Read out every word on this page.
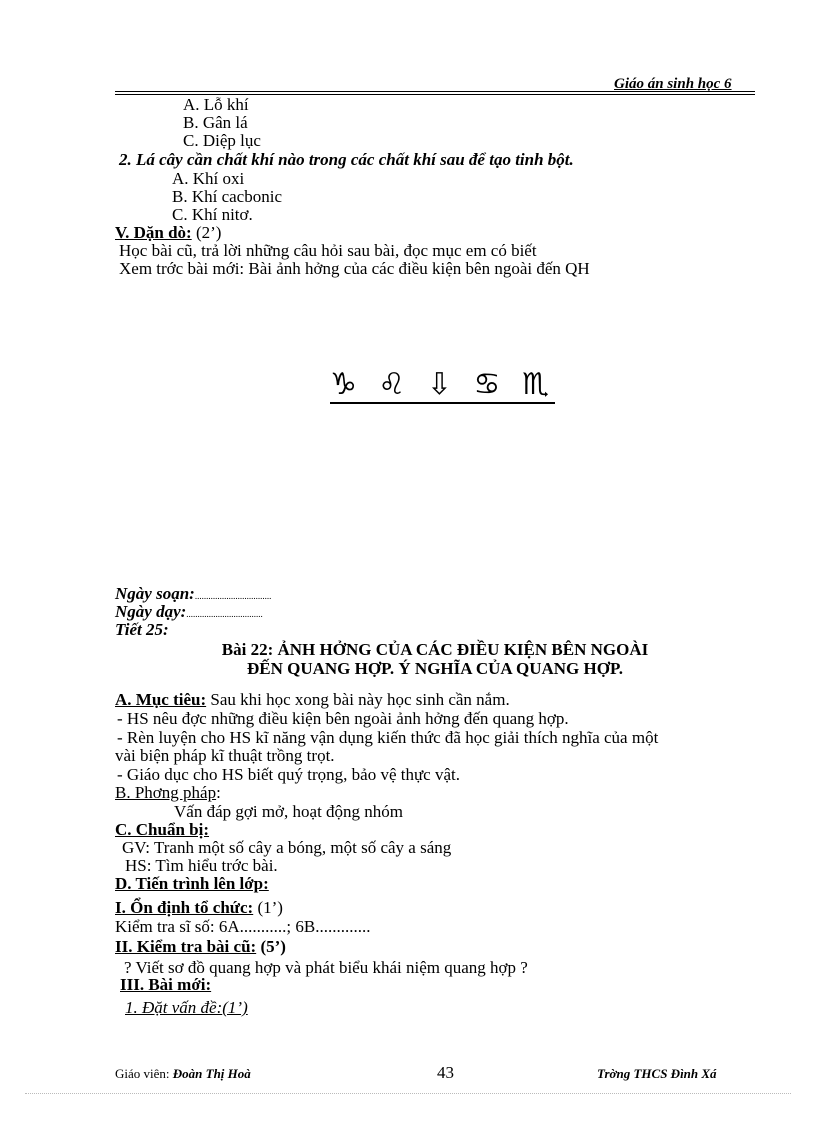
Giáo án sinh học 6
A. Lỗ khí
B. Gân lá
C. Diệp lục
2. Lá cây cần chất khí nào trong các chất khí sau để tạo tinh bột.
A. Khí oxi
B. Khí cacbonic
C. Khí nitơ.
V. Dặn dò: (2’)
Học bài cũ, trả lời những câu hỏi sau bài, đọc mục em có biết
Xem trớc bài mới: Bài ảnh hởng của các điều kiện bên ngoài đến QH
♑ ♌ ⇩ ♋ ♏
Ngày soạn:..................................
Ngày dạy:..................................
Tiết 25:
Bài 22: ẢNH HỞNG CỦA CÁC ĐIỀU KIỆN BÊN NGOÀI
ĐẾN QUANG HỢP. Ý NGHĨA CỦA QUANG HỢP.
A. Mục tiêu: Sau khi học xong bài này học sinh cần nắm.
- HS nêu đợc những điều kiện bên ngoài ảnh hởng đến quang hợp.
- Rèn luyện cho HS kĩ năng vận dụng kiến thức đã học giải thích nghĩa của một
vài biện pháp kĩ thuật trồng trọt.
- Giáo dục cho HS biết quý trọng, bảo vệ thực vật.
B. Phơng pháp:
Vấn đáp gợi mở, hoạt động nhóm
C. Chuẩn bị:
GV: Tranh một số cây a bóng, một số cây a sáng
HS: Tìm hiểu trớc bài.
D. Tiến trình lên lớp:
I. Ổn định tổ chức: (1’)
Kiểm tra sĩ số: 6A...........; 6B.............
II. Kiểm tra bài cũ: (5’)
? Viết sơ đồ quang hợp và phát biểu khái niệm quang hợp ?
III. Bài mới:
1. Đặt vấn đề:(1’)
Giáo viên: Đoàn Thị Hoà	43	Trờng THCS Đình Xá
